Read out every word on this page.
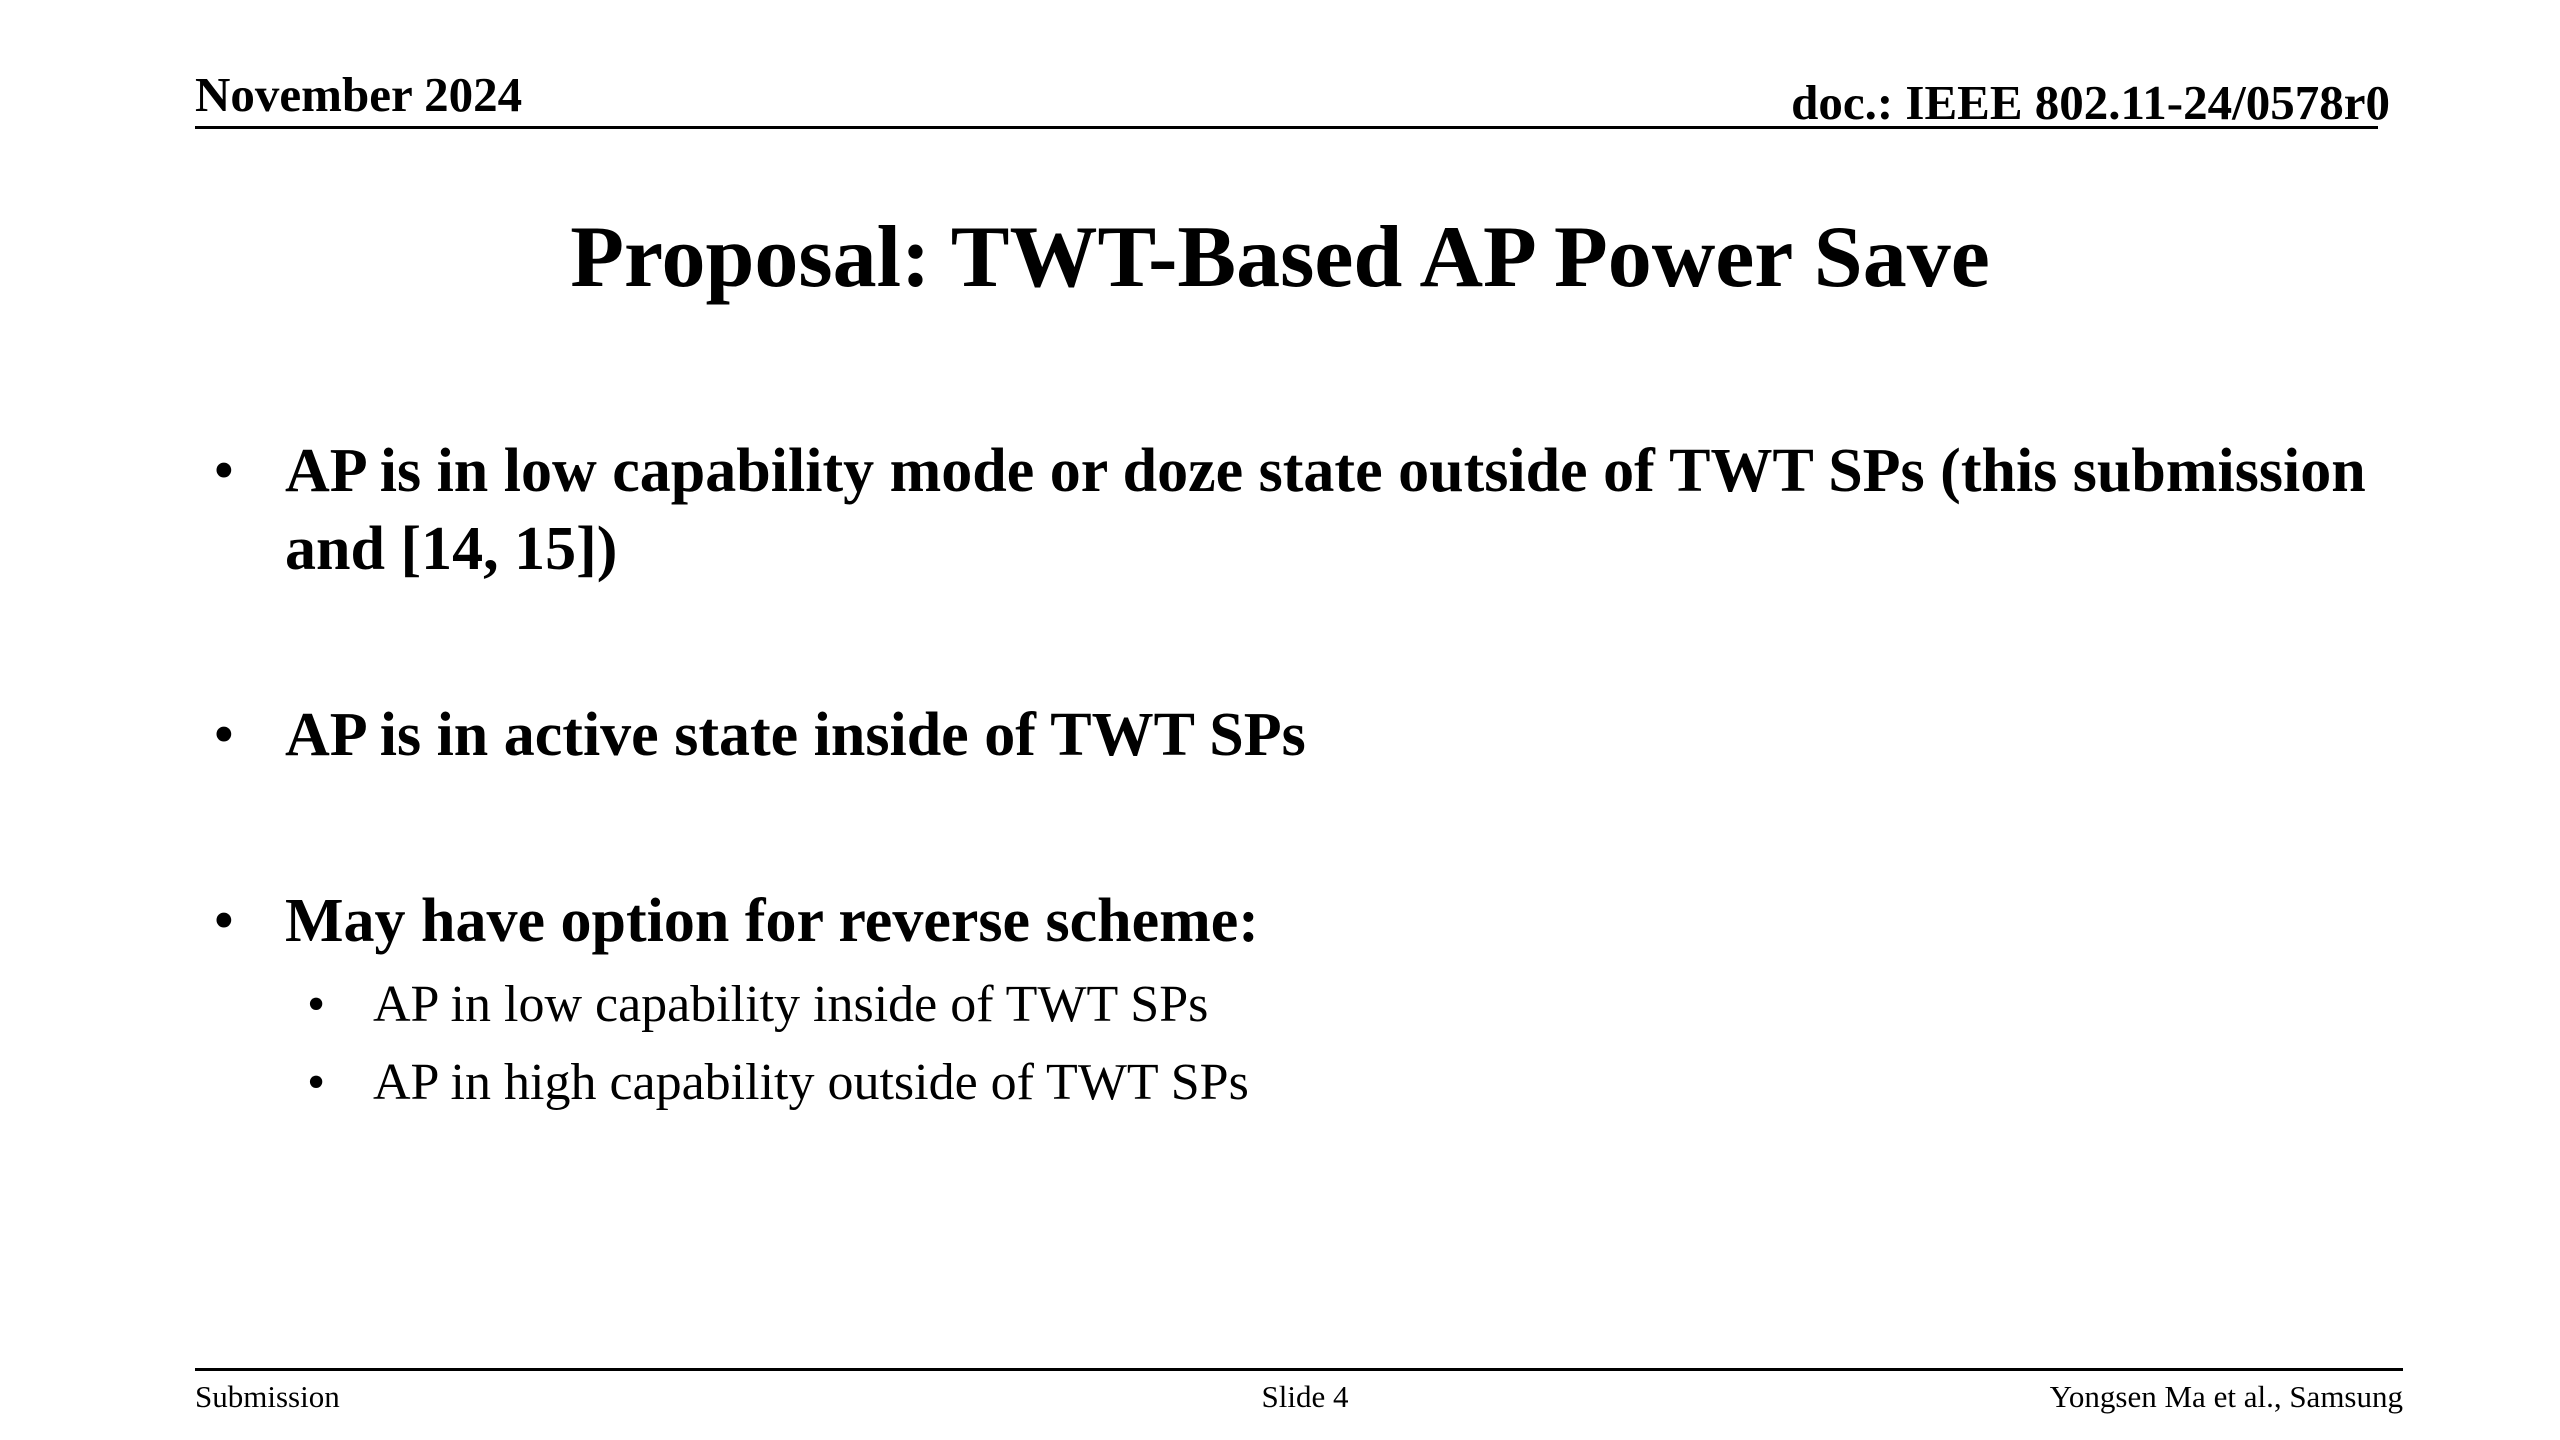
November 2024	doc.: IEEE 802.11-24/0578r0
Proposal: TWT-Based AP Power Save
• AP is in low capability mode or doze state outside of TWT SPs (this submission and [14, 15])
• AP is in active state inside of TWT SPs
• May have option for reverse scheme:
• AP in low capability inside of TWT SPs
• AP in high capability outside of TWT SPs
Submission	Slide 4	Yongsen Ma et al., Samsung
